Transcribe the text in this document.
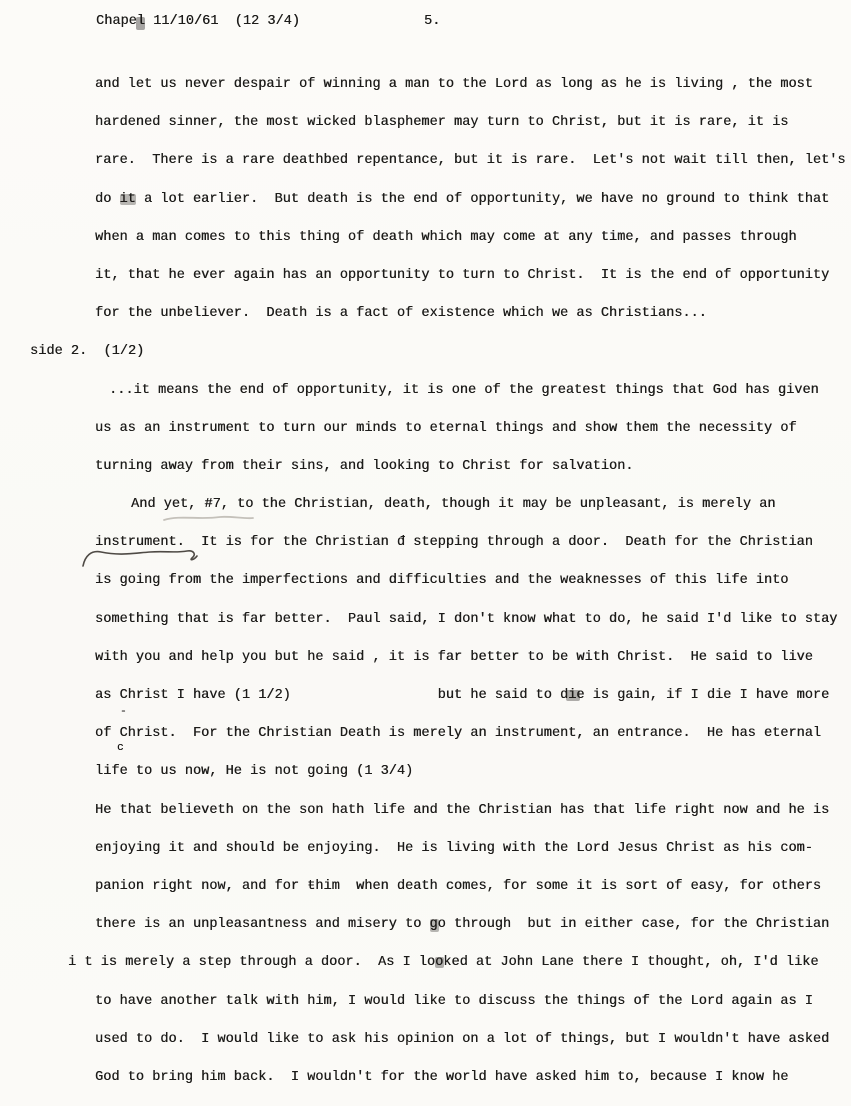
Chapel 11/10/61  (12 3/4)	5.
and let us never despair of winning a man to the Lord as long as he is living , the most
hardened sinner, the most wicked blasphemer may turn to Christ, but it is rare, it is
rare.  There is a rare deathbed repentance, but it is rare.  Let's not wait till then, let's
do it a lot earlier.  But death is the end of opportunity, we have no ground to think that
when a man comes to this thing of death which may come at any time, and passes through
it, that he ever again has an opportunity to turn to Christ.  It is the end of opportunity
for the unbeliever.  Death is a fact of existence which we as Christians...
side 2.  (1/2)
...it means the end of opportunity, it is one of the greatest things that God has given
us as an instrument to turn our minds to eternal things and show them the necessity of
turning away from their sins, and looking to Christ for salvation.
And yet, #7, to the Christian, death, though it may be unpleasant, is merely an
instrument.  It is for the Christian đ stepping through a door.  Death for the Christian
is going from the imperfections and difficulties and the weaknesses of this life into
something that is far better.  Paul said, I don't know what to do, he said I'd like to stay
with you and help you but he said , it is far better to be with Christ.  He said to live
as Christ I have (1 1/2)                  but he said to die is gain, if I die I have more
of Christ.  For the Christian Death is merely an instrument, an entrance.  He has eternal
life to us now, He is not going (1 3/4)
He that believeth on the son hath life and the Christian has that life right now and he is
enjoying it and should be enjoying.  He is living with the Lord Jesus Christ as his com-
panion right now, and for ŧhim  when death comes, for some it is sort of easy, for others
there is an unpleasantness and misery to go through  but in either case, for the Christian
i t is merely a step through a door.  As I looked at John Lane there I thought, oh, I'd like
to have another talk with him, I would like to discuss the things of the Lord again as I
used to do.  I would like to ask his opinion on a lot of things, but I wouldn't have asked
God to bring him back.  I wouldn't for the world have asked him to, because I know he
c
-
